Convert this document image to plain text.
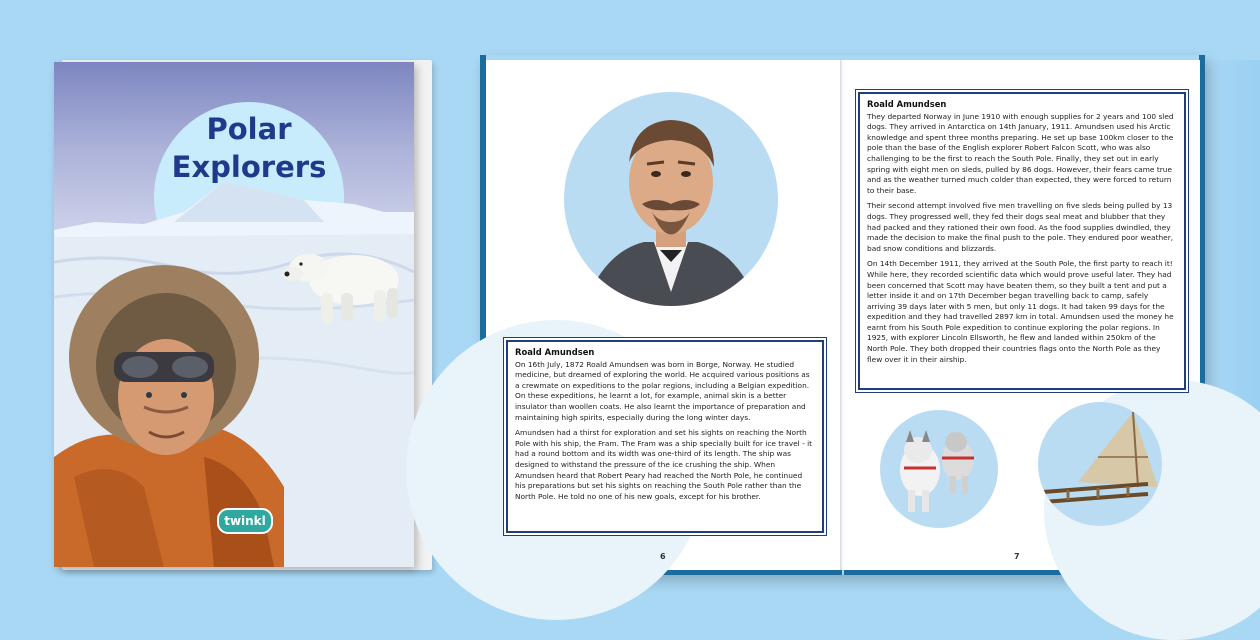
Polar
Explorers
twinkl
Roald Amundsen

On 16th July, 1872 Roald Amundsen was born in Borge, Norway. He studied medicine, but dreamed of exploring the world. He acquired various positions as a crewmate on expeditions to the polar regions, including a Belgian expedition. On these expeditions, he learnt a lot, for example, animal skin is a better insulator than woollen coats. He also learnt the importance of preparation and maintaining high spirits, especially during the long winter days.

Amundsen had a thirst for exploration and set his sights on reaching the North Pole with his ship, the Fram. The Fram was a ship specially built for ice travel - it had a round bottom and its width was one-third of its length. The ship was designed to withstand the pressure of the ice crushing the ship. When Amundsen heard that Robert Peary had reached the North Pole, he continued his preparations but set his sights on reaching the South Pole rather than the North Pole. He told no one of his new goals, except for his brother.

6
Roald Amundsen

They departed Norway in June 1910 with enough supplies for 2 years and 100 sled dogs. They arrived in Antarctica on 14th January, 1911. Amundsen used his Arctic knowledge and spent three months preparing. He set up base 100km closer to the pole than the base of the English explorer Robert Falcon Scott, who was also challenging to be the first to reach the South Pole. Finally, they set out in early spring with eight men on sleds, pulled by 86 dogs. However, their fears came true and as the weather turned much colder than expected, they were forced to return to their base.

Their second attempt involved five men travelling on five sleds being pulled by 13 dogs. They progressed well, they fed their dogs seal meat and blubber that they had packed and they rationed their own food. As the food supplies dwindled, they made the decision to make the final push to the pole. They endured poor weather, bad snow conditions and blizzards.

On 14th December 1911, they arrived at the South Pole, the first party to reach it! While here, they recorded scientific data which would prove useful later. They had been concerned that Scott may have beaten them, so they built a tent and put a letter inside it and on 17th December began travelling back to camp, safely arriving 39 days later with 5 men, but only 11 dogs. It had taken 99 days for the expedition and they had travelled 2897 km in total. Amundsen used the money he earnt from his South Pole expedition to continue exploring the polar regions. In 1925, with explorer Lincoln Ellsworth, he flew and landed within 250km of the North Pole. They both dropped their countries flags onto the North Pole as they flew over it in their airship.

7
